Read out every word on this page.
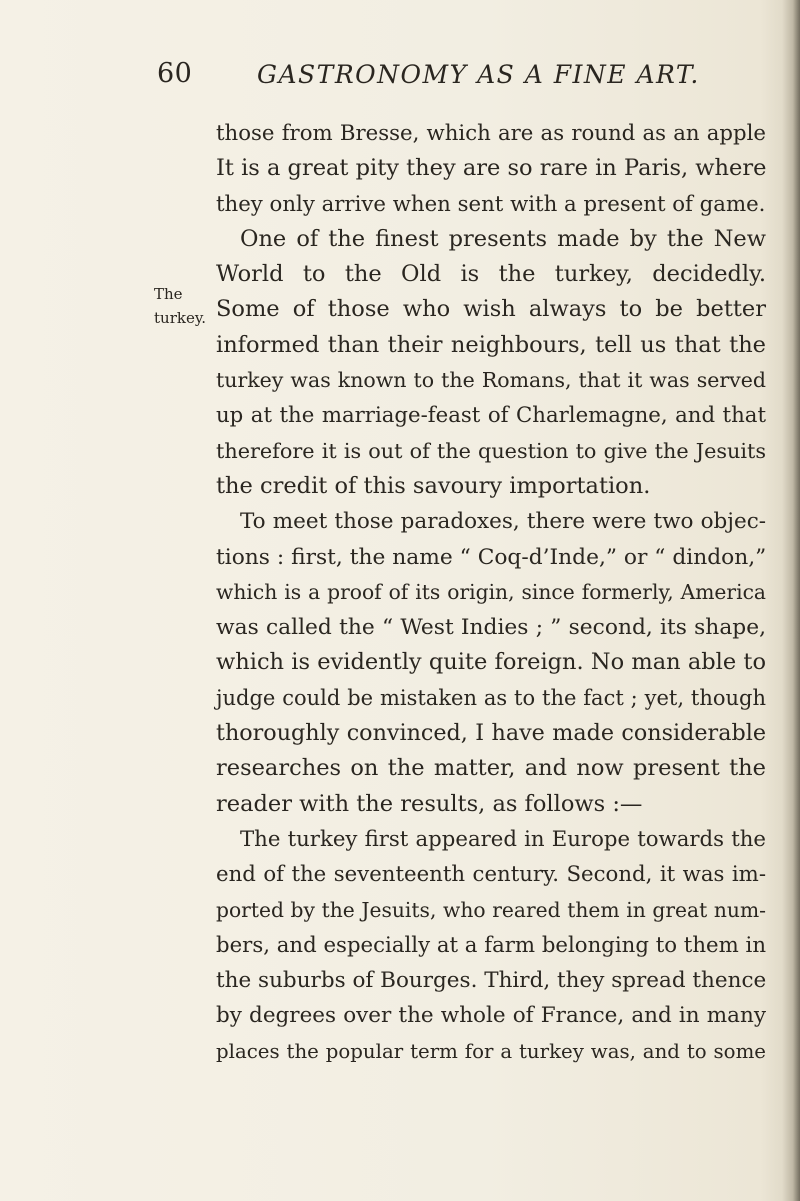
60	GASTRONOMY AS A FINE ART.
The
turkey.
those from Bresse, which are as round as an apple
It is a great pity they are so rare in Paris, where
they only arrive when sent with a present of game.
One of the finest presents made by the New
World to the Old is the turkey, decidedly.
Some of those who wish always to be better
informed than their neighbours, tell us that the
turkey was known to the Romans, that it was served
up at the marriage-feast of Charlemagne, and that
therefore it is out of the question to give the Jesuits
the credit of this savoury importation.
To meet those paradoxes, there were two objec-
tions : first, the name “ Coq-d’Inde,” or “ dindon,”
which is a proof of its origin, since formerly, America
was called the “ West Indies ; ” second, its shape,
which is evidently quite foreign. No man able to
judge could be mistaken as to the fact ; yet, though
thoroughly convinced, I have made considerable
researches on the matter, and now present the
reader with the results, as follows :—
The turkey first appeared in Europe towards the
end of the seventeenth century. Second, it was im-
ported by the Jesuits, who reared them in great num-
bers, and especially at a farm belonging to them in
the suburbs of Bourges. Third, they spread thence
by degrees over the whole of France, and in many
places the popular term for a turkey was, and to some
